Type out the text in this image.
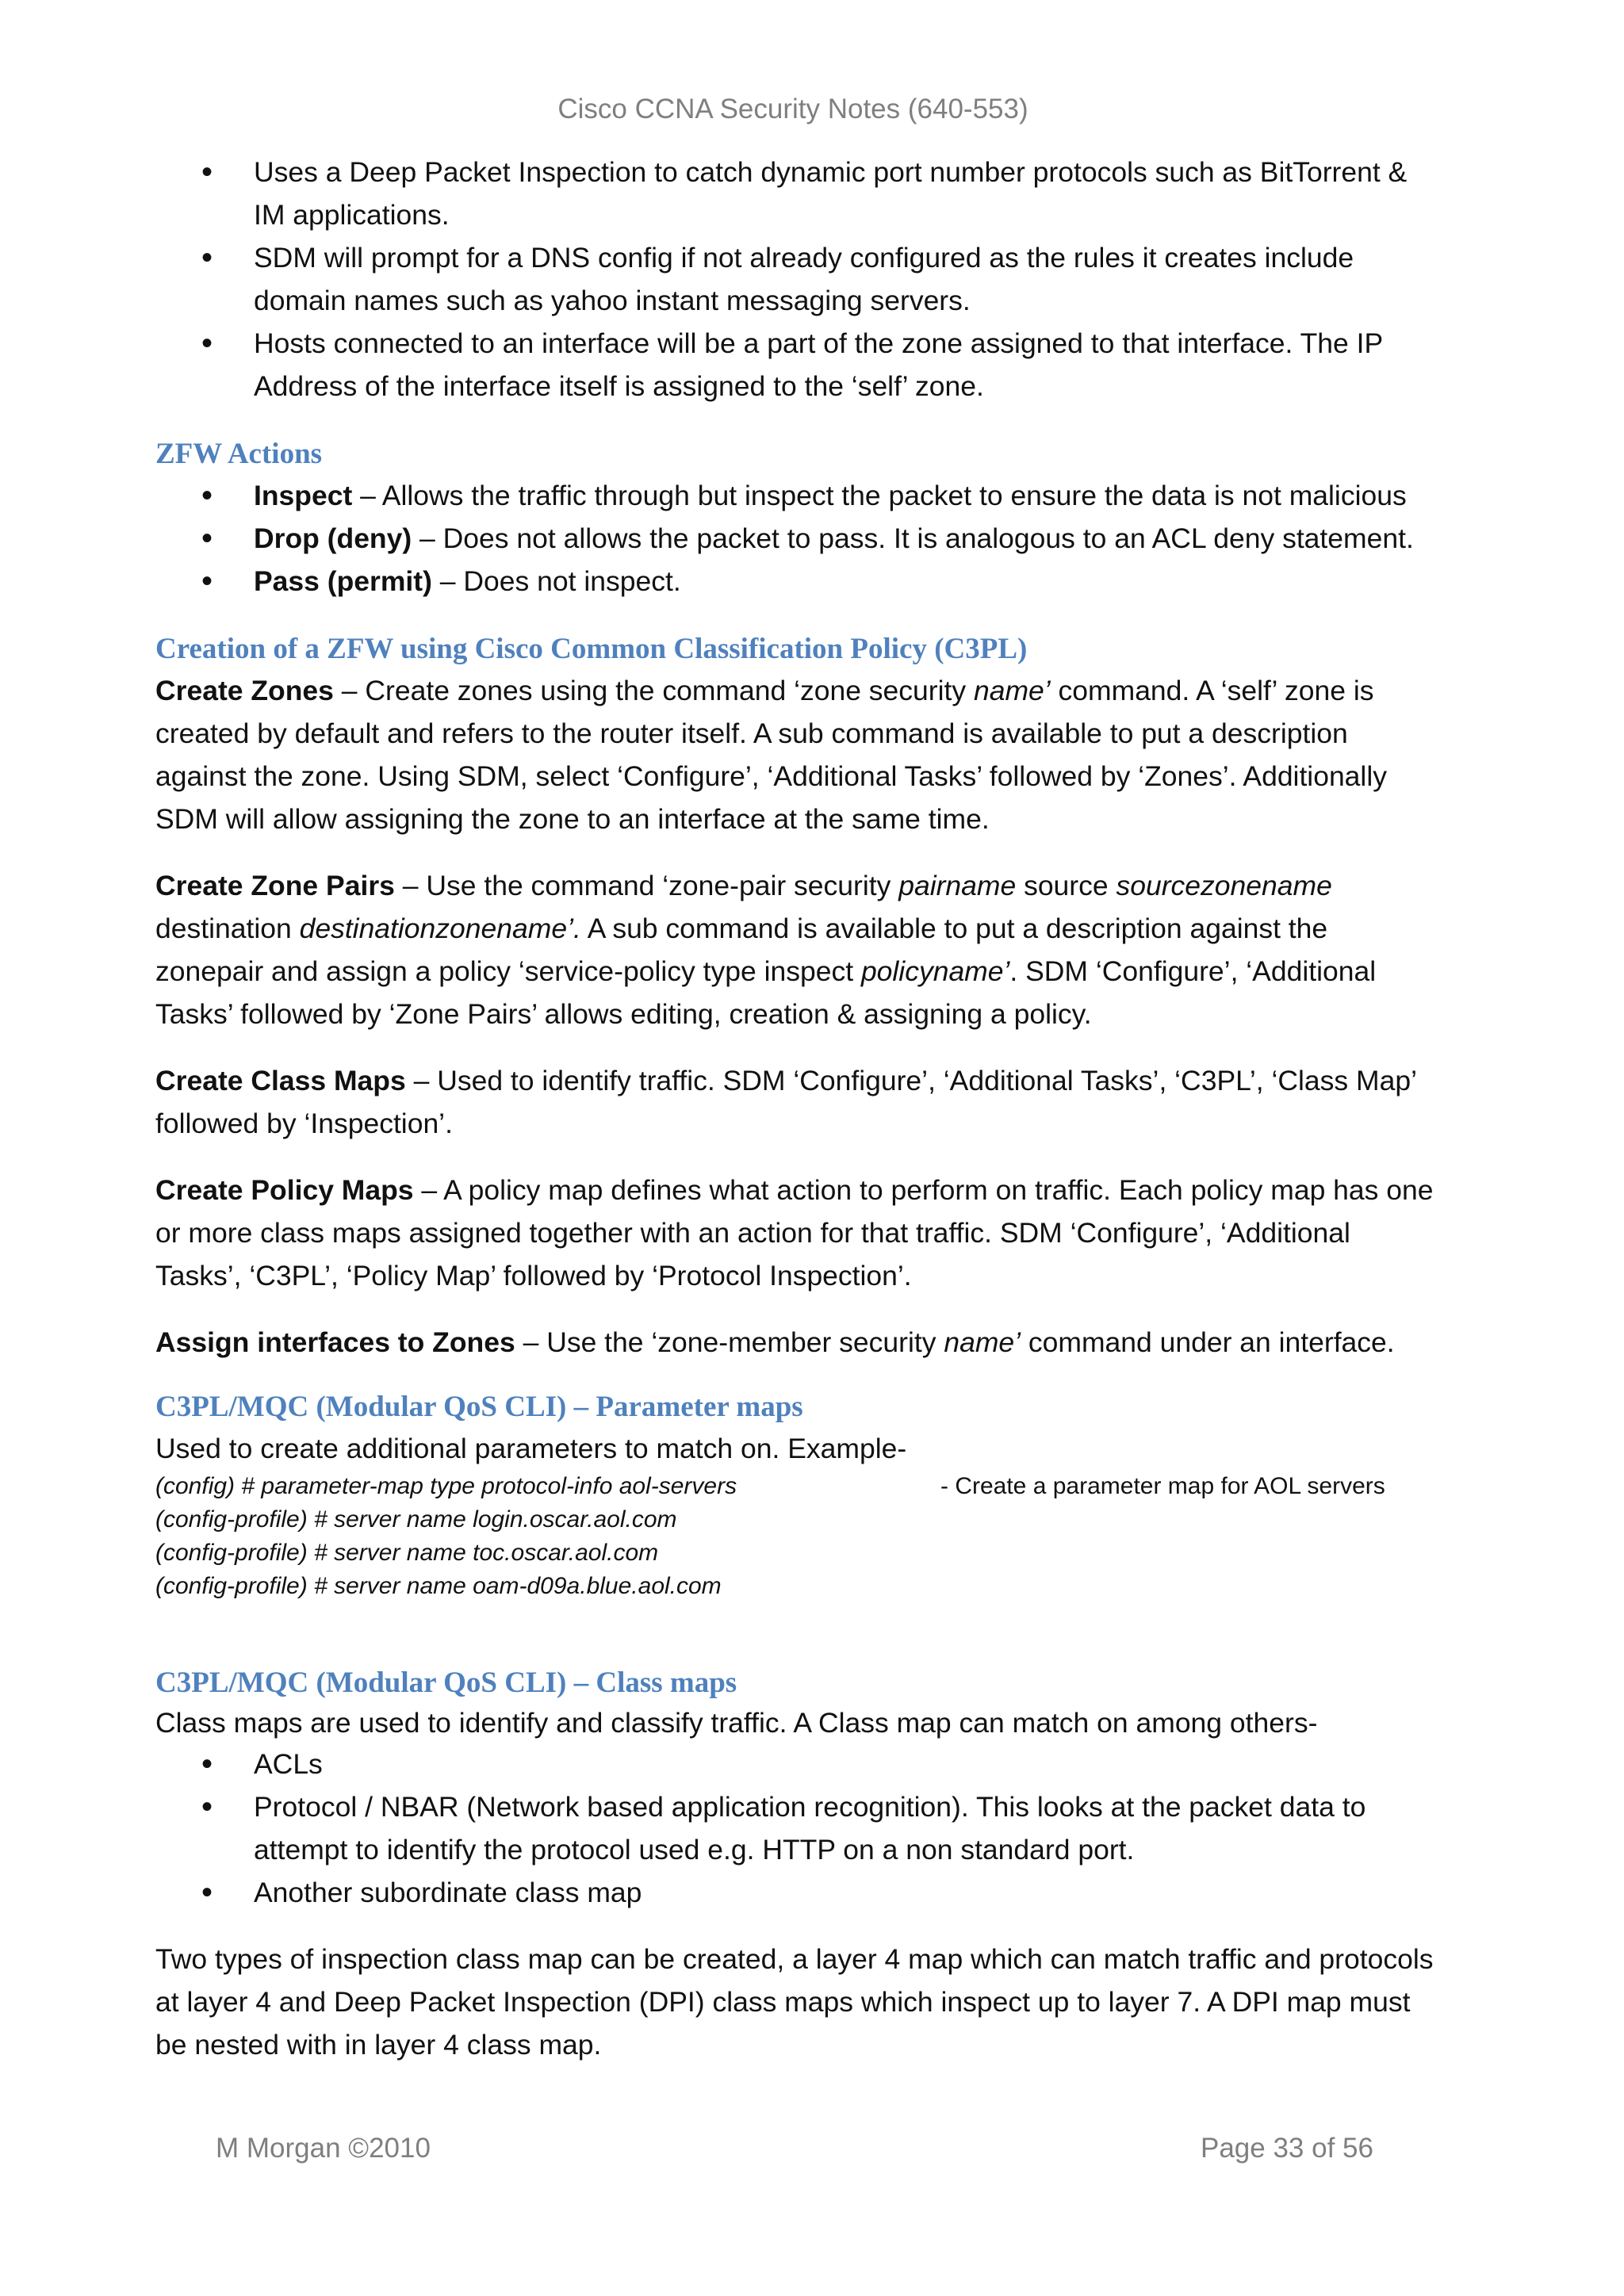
Cisco CCNA Security Notes (640-553)
• Uses a Deep Packet Inspection to catch dynamic port number protocols such as BitTorrent & IM applications.
• SDM will prompt for a DNS config if not already configured as the rules it creates include domain names such as yahoo instant messaging servers.
• Hosts connected to an interface will be a part of the zone assigned to that interface. The IP Address of the interface itself is assigned to the ‘self’ zone.
ZFW Actions
• Inspect – Allows the traffic through but inspect the packet to ensure the data is not malicious
• Drop (deny) – Does not allows the packet to pass. It is analogous to an ACL deny statement.
• Pass (permit) – Does not inspect.
Creation of a ZFW using Cisco Common Classification Policy (C3PL)
Create Zones – Create zones using the command ‘zone security name’ command. A ‘self’ zone is created by default and refers to the router itself. A sub command is available to put a description against the zone. Using SDM, select ‘Configure’, ‘Additional Tasks’ followed by ‘Zones’. Additionally SDM will allow assigning the zone to an interface at the same time.
Create Zone Pairs – Use the command ‘zone-pair security pairname source sourcezonename destination destinationzonename’. A sub command is available to put a description against the zonepair and assign a policy ‘service-policy type inspect policyname’. SDM ‘Configure’, ‘Additional Tasks’ followed by ‘Zone Pairs’ allows editing, creation & assigning a policy.
Create Class Maps – Used to identify traffic. SDM ‘Configure’, ‘Additional Tasks’, ‘C3PL’, ‘Class Map’ followed by ‘Inspection’.
Create Policy Maps – A policy map defines what action to perform on traffic. Each policy map has one or more class maps assigned together with an action for that traffic. SDM ‘Configure’, ‘Additional Tasks’, ‘C3PL’, ‘Policy Map’ followed by ‘Protocol Inspection’.
Assign interfaces to Zones – Use the ‘zone-member security name’ command under an interface.
C3PL/MQC (Modular QoS CLI) – Parameter maps
Used to create additional parameters to match on. Example-
(config) # parameter-map type protocol-info aol-servers	- Create a parameter map for AOL servers
(config-profile) # server name login.oscar.aol.com
(config-profile) # server name toc.oscar.aol.com
(config-profile) # server name oam-d09a.blue.aol.com
C3PL/MQC (Modular QoS CLI) – Class maps
Class maps are used to identify and classify traffic. A Class map can match on among others-
• ACLs
• Protocol / NBAR (Network based application recognition). This looks at the packet data to attempt to identify the protocol used e.g. HTTP on a non standard port.
• Another subordinate class map
Two types of inspection class map can be created, a layer 4 map which can match traffic and protocols at layer 4 and Deep Packet Inspection (DPI) class maps which inspect up to layer 7. A DPI map must be nested with in layer 4 class map.
M Morgan ©2010	Page 33 of 56
